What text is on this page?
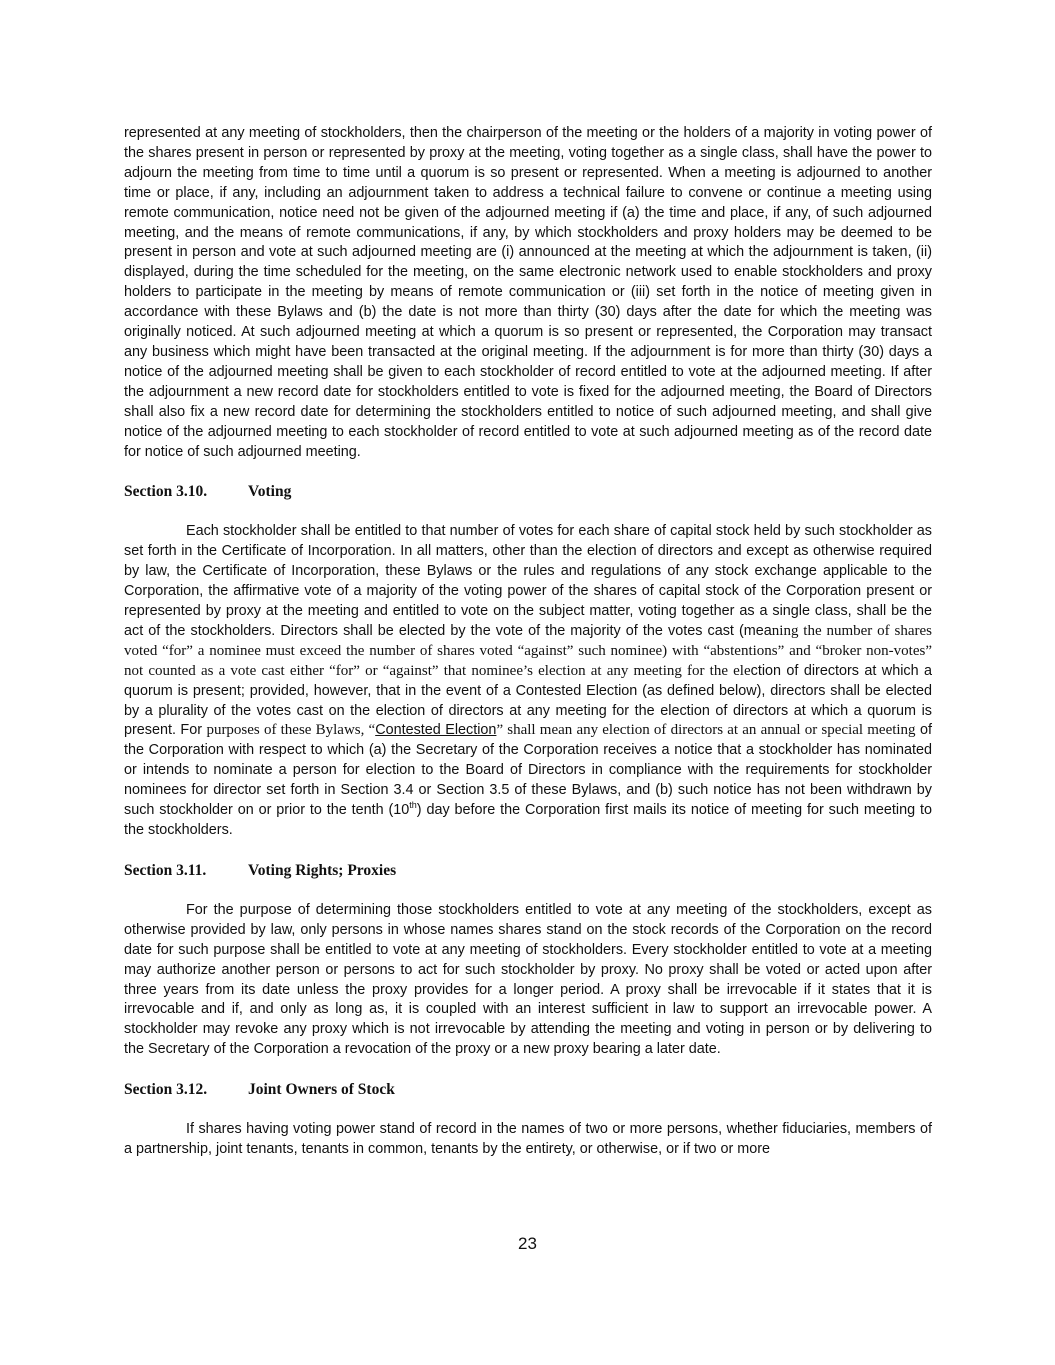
represented at any meeting of stockholders, then the chairperson of the meeting or the holders of a majority in voting power of the shares present in person or represented by proxy at the meeting, voting together as a single class, shall have the power to adjourn the meeting from time to time until a quorum is so present or represented. When a meeting is adjourned to another time or place, if any, including an adjournment taken to address a technical failure to convene or continue a meeting using remote communication, notice need not be given of the adjourned meeting if (a) the time and place, if any, of such adjourned meeting, and the means of remote communications, if any, by which stockholders and proxy holders may be deemed to be present in person and vote at such adjourned meeting are (i) announced at the meeting at which the adjournment is taken, (ii) displayed, during the time scheduled for the meeting, on the same electronic network used to enable stockholders and proxy holders to participate in the meeting by means of remote communication or (iii) set forth in the notice of meeting given in accordance with these Bylaws and (b) the date is not more than thirty (30) days after the date for which the meeting was originally noticed. At such adjourned meeting at which a quorum is so present or represented, the Corporation may transact any business which might have been transacted at the original meeting. If the adjournment is for more than thirty (30) days a notice of the adjourned meeting shall be given to each stockholder of record entitled to vote at the adjourned meeting. If after the adjournment a new record date for stockholders entitled to vote is fixed for the adjourned meeting, the Board of Directors shall also fix a new record date for determining the stockholders entitled to notice of such adjourned meeting, and shall give notice of the adjourned meeting to each stockholder of record entitled to vote at such adjourned meeting as of the record date for notice of such adjourned meeting.

Section 3.10.	Voting

Each stockholder shall be entitled to that number of votes for each share of capital stock held by such stockholder as set forth in the Certificate of Incorporation. In all matters, other than the election of directors and except as otherwise required by law, the Certificate of Incorporation, these Bylaws or the rules and regulations of any stock exchange applicable to the Corporation, the affirmative vote of a majority of the voting power of the shares of capital stock of the Corporation present or represented by proxy at the meeting and entitled to vote on the subject matter, voting together as a single class, shall be the act of the stockholders. Directors shall be elected by the vote of the majority of the votes cast (meaning the number of shares voted “for” a nominee must exceed the number of shares voted “against” such nominee) with “abstentions” and “broker non-votes” not counted as a vote cast either “for” or “against” that nominee’s election at any meeting for the election of directors at which a quorum is present; provided, however, that in the event of a Contested Election (as defined below), directors shall be elected by a plurality of the votes cast on the election of directors at any meeting for the election of directors at which a quorum is present. For purposes of these Bylaws, “Contested Election” shall mean any election of directors at an annual or special meeting of the Corporation with respect to which (a) the Secretary of the Corporation receives a notice that a stockholder has nominated or intends to nominate a person for election to the Board of Directors in compliance with the requirements for stockholder nominees for director set forth in Section 3.4 or Section 3.5 of these Bylaws, and (b) such notice has not been withdrawn by such stockholder on or prior to the tenth (10th) day before the Corporation first mails its notice of meeting for such meeting to the stockholders.

Section 3.11.	Voting Rights; Proxies

For the purpose of determining those stockholders entitled to vote at any meeting of the stockholders, except as otherwise provided by law, only persons in whose names shares stand on the stock records of the Corporation on the record date for such purpose shall be entitled to vote at any meeting of stockholders. Every stockholder entitled to vote at a meeting may authorize another person or persons to act for such stockholder by proxy. No proxy shall be voted or acted upon after three years from its date unless the proxy provides for a longer period. A proxy shall be irrevocable if it states that it is irrevocable and if, and only as long as, it is coupled with an interest sufficient in law to support an irrevocable power. A stockholder may revoke any proxy which is not irrevocable by attending the meeting and voting in person or by delivering to the Secretary of the Corporation a revocation of the proxy or a new proxy bearing a later date.

Section 3.12.	Joint Owners of Stock

If shares having voting power stand of record in the names of two or more persons, whether fiduciaries, members of a partnership, joint tenants, tenants in common, tenants by the entirety, or otherwise, or if two or more

23
